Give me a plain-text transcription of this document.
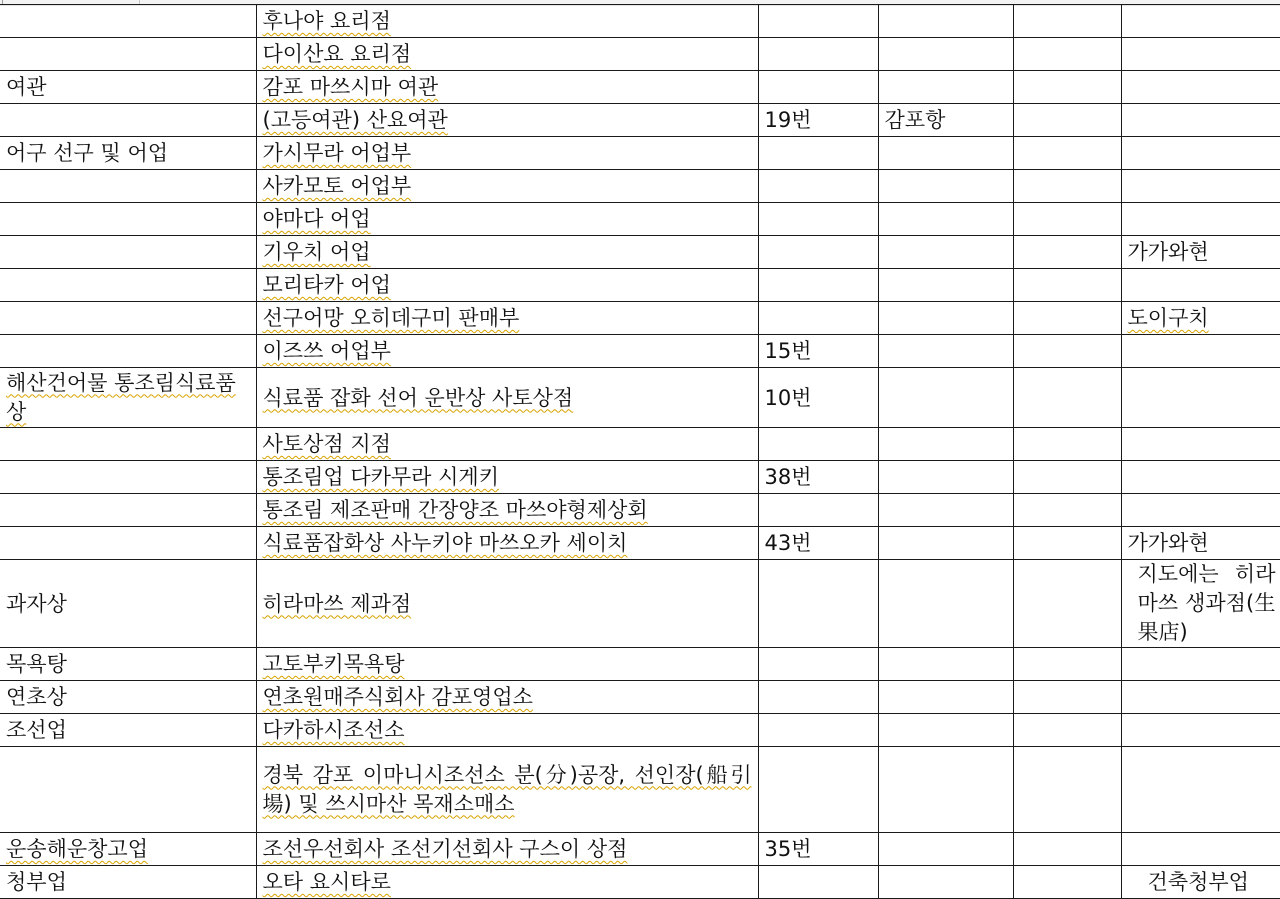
	후나야 요리점				
	다이산요 요리점				
여관	감포 마쓰시마 여관				
	(고등여관) 산요여관	19번	감포항		
어구 선구 및 어업	가시무라 어업부				
	사카모토 어업부				
	야마다 어업				
	기우치 어업				가가와현
	모리타카 어업				
	선구어망 오히데구미 판매부				도이구치
	이즈쓰 어업부	15번			
해산건어물 통조림식료품상	식료품 잡화 선어 운반상 사토상점	10번			
	사토상점 지점				
	통조림업 다카무라 시게키	38번			
	통조림 제조판매 간장양조 마쓰야형제상회				
	식료품잡화상 사누키야 마쓰오카 세이치	43번			가가와현
과자상	히라마쓰 제과점				지도에는 히라마쓰 생과점(生果店)
목욕탕	고토부키목욕탕				
연초상	연초원매주식회사 감포영업소				
조선업	다카하시조선소				
	경북 감포 이마니시조선소 분(分)공장, 선인장(船引場) 및 쓰시마산 목재소매소				
운송해운창고업	조선우선회사 조선기선회사 구스이 상점	35번			
청부업	오타 요시타로				건축청부업
